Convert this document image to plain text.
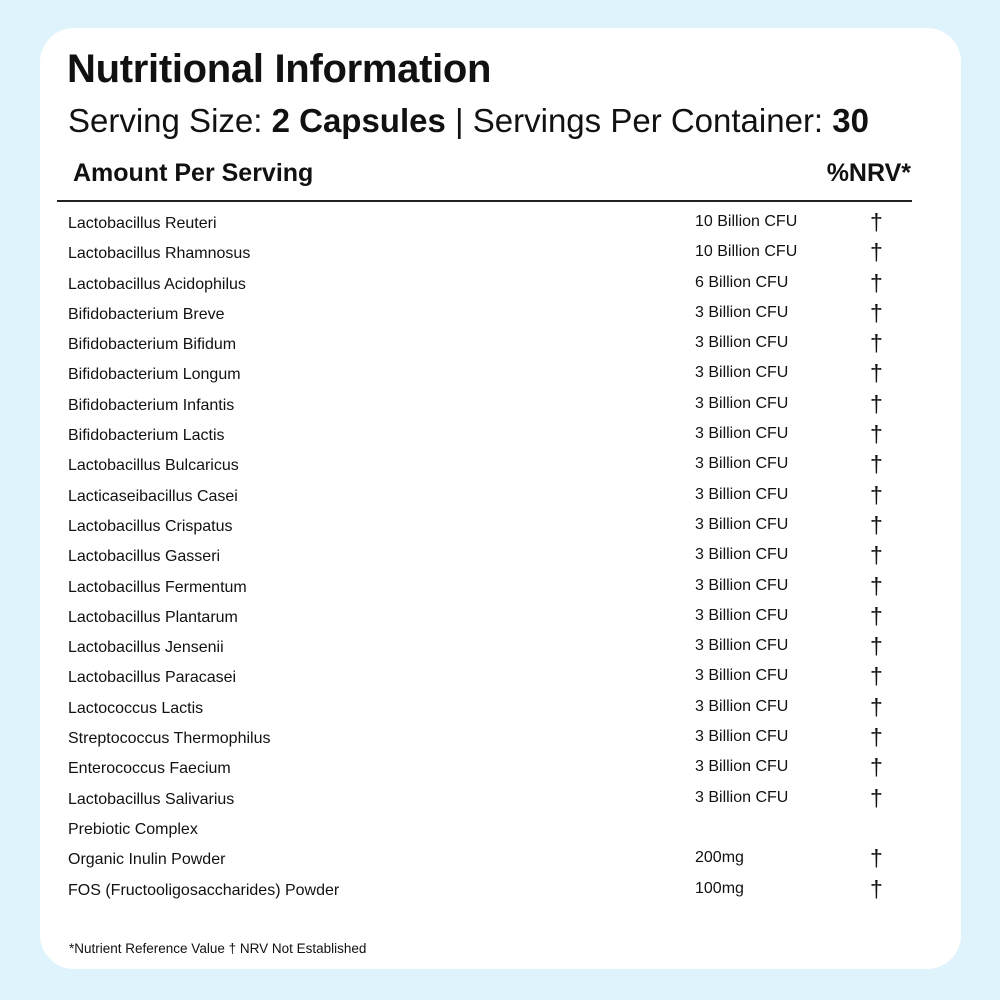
Nutritional Information
Serving Size: 2 Capsules | Servings Per Container: 30
Amount Per Serving	%NRV*
Lactobacillus Reuteri	10 Billion CFU	†
Lactobacillus Rhamnosus	10 Billion CFU	†
Lactobacillus Acidophilus	6 Billion CFU	†
Bifidobacterium Breve	3 Billion CFU	†
Bifidobacterium Bifidum	3 Billion CFU	†
Bifidobacterium Longum	3 Billion CFU	†
Bifidobacterium Infantis	3 Billion CFU	†
Bifidobacterium Lactis	3 Billion CFU	†
Lactobacillus Bulcaricus	3 Billion CFU	†
Lacticaseibacillus Casei	3 Billion CFU	†
Lactobacillus Crispatus	3 Billion CFU	†
Lactobacillus Gasseri	3 Billion CFU	†
Lactobacillus Fermentum	3 Billion CFU	†
Lactobacillus Plantarum	3 Billion CFU	†
Lactobacillus Jensenii	3 Billion CFU	†
Lactobacillus Paracasei	3 Billion CFU	†
Lactococcus Lactis	3 Billion CFU	†
Streptococcus Thermophilus	3 Billion CFU	†
Enterococcus Faecium	3 Billion CFU	†
Lactobacillus Salivarius	3 Billion CFU	†
Prebiotic Complex
Organic Inulin Powder	200mg	†
FOS (Fructooligosaccharides) Powder	100mg	†
*Nutrient Reference Value † NRV Not Established
